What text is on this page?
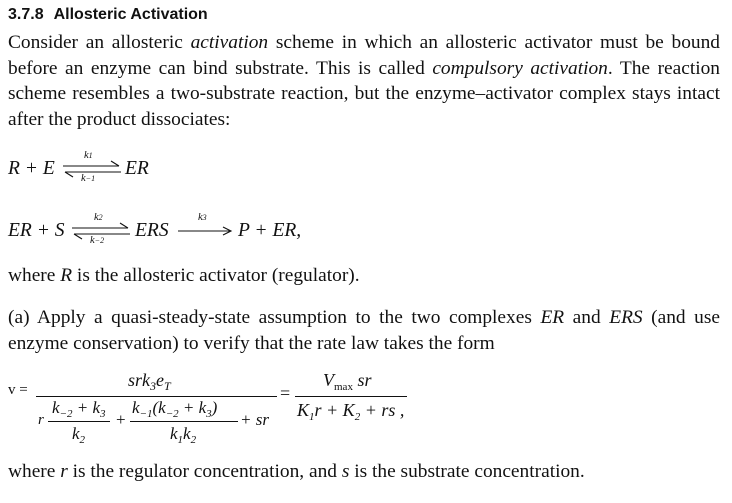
3.7.8 Allosteric Activation

Consider an allosteric activation scheme in which an allosteric activator must be bound before an enzyme can bind substrate. This is called compulsory activation. The reaction scheme resembles a two-substrate reaction, but the enzyme–activator complex stays intact after the product dissociates:

R + E
k1
k−1 ER
ER + S
k2
k−2 ERS
k3
P + ER,

where R is the allosteric activator (regulator).

(a) Apply a quasi-steady-state assumption to the two complexes ER and ERS (and use enzyme conservation) to verify that the rate law takes the form

v =	$srk_3e_T$
r
$k_{-2} + k_3$
$k_2$
+
$k_{-1}(k_{-2} + k_3)$
$k_1k_2$
+ sr
=
$V_{max}$ sr
$K_1r + K_2$ + rs ,

where r is the regulator concentration, and s is the substrate concentration.
